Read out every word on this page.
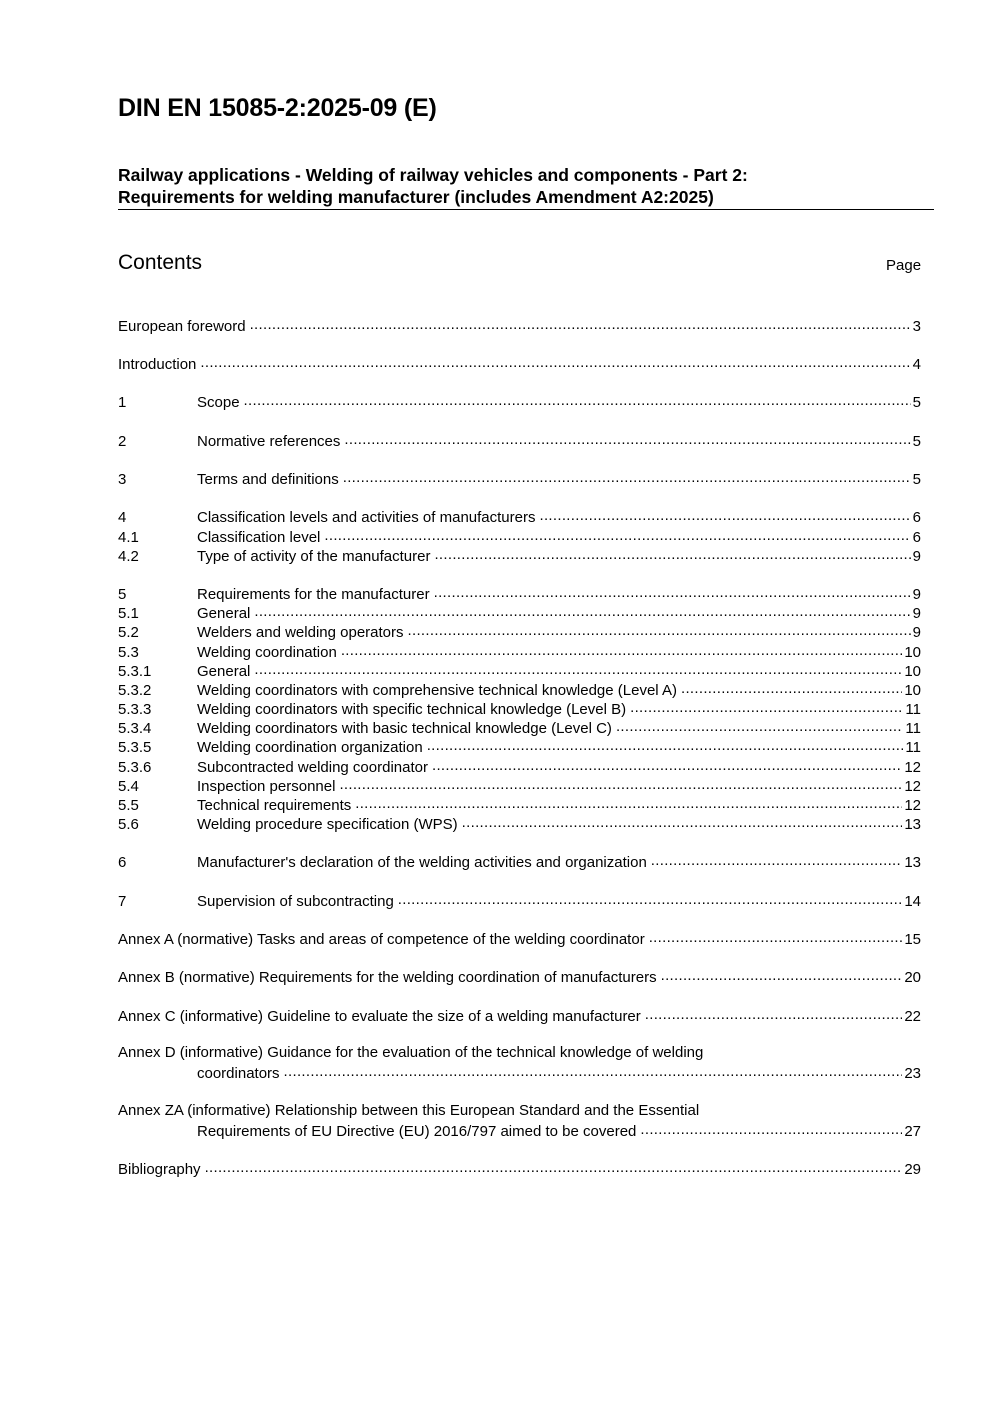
DIN EN 15085-2:2025-09 (E)
Railway applications - Welding of railway vehicles and components - Part 2:
Requirements for welding manufacturer (includes Amendment A2:2025)
Contents	Page
European foreword .....	3
Introduction .....	4
1	Scope .....	5
2	Normative references .....	5
3	Terms and definitions .....	5
4	Classification levels and activities of manufacturers .....	6
4.1	Classification level .....	6
4.2	Type of activity of the manufacturer .....	9
5	Requirements for the manufacturer .....	9
5.1	General .....	9
5.2	Welders and welding operators .....	9
5.3	Welding coordination .....	10
5.3.1	General .....	10
5.3.2	Welding coordinators with comprehensive technical knowledge (Level A) .....	10
5.3.3	Welding coordinators with specific technical knowledge (Level B) .....	11
5.3.4	Welding coordinators with basic technical knowledge (Level C) .....	11
5.3.5	Welding coordination organization .....	11
5.3.6	Subcontracted welding coordinator .....	12
5.4	Inspection personnel .....	12
5.5	Technical requirements .....	12
5.6	Welding procedure specification (WPS) .....	13
6	Manufacturer's declaration of the welding activities and organization .....	13
7	Supervision of subcontracting .....	14
Annex A (normative) Tasks and areas of competence of the welding coordinator .....	15
Annex B (normative) Requirements for the welding coordination of manufacturers .....	20
Annex C (informative) Guideline to evaluate the size of a welding manufacturer .....	22
Annex D (informative) Guidance for the evaluation of the technical knowledge of welding
coordinators .....	23
Annex ZA (informative) Relationship between this European Standard and the Essential
Requirements of EU Directive (EU) 2016/797 aimed to be covered .....	27
Bibliography .....	29
